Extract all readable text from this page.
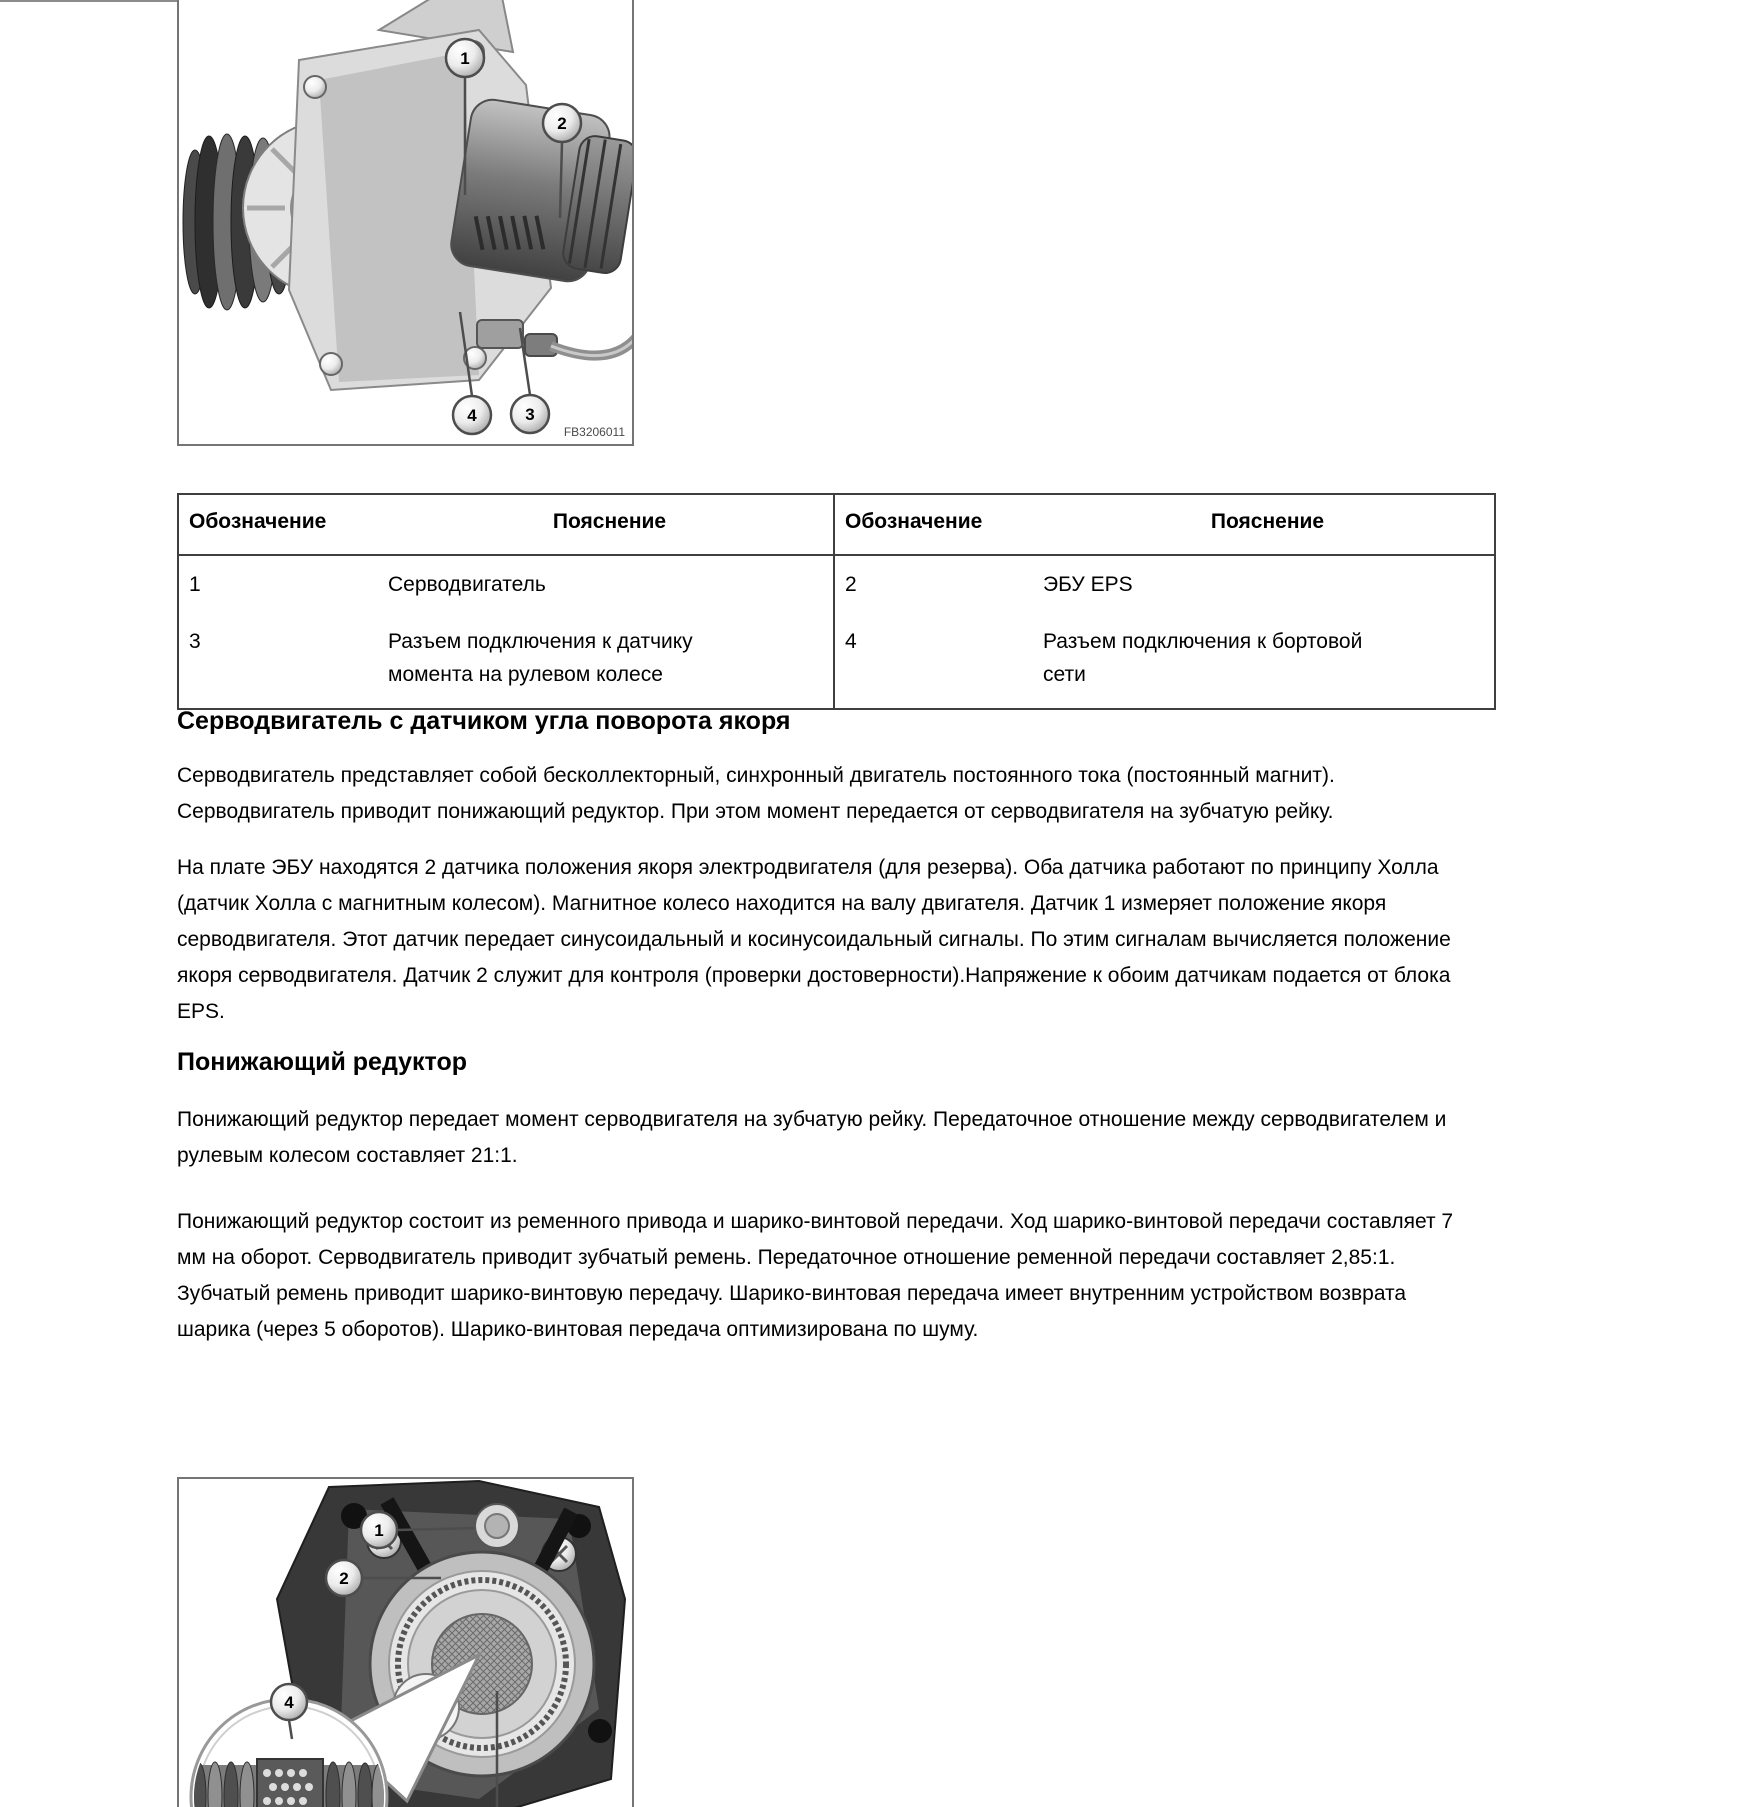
1
2
3
4
FB3206011
Обозначение	Пояснение	Обозначение	Пояснение
1	Серводвигатель	2	ЭБУ EPS
3	Разъем подключения к датчику момента на рулевом колесе	4	Разъем подключения к бортовой сети
Серводвигатель с датчиком угла поворота якоря

Серводвигатель представляет собой бесколлекторный, синхронный двигатель постоянного тока (постоянный магнит). Серводвигатель приводит понижающий редуктор. При этом момент передается от серводвигателя на зубчатую рейку.

На плате ЭБУ находятся 2 датчика положения якоря электродвигателя (для резерва). Оба датчика работают по принципу Холла (датчик Холла с магнитным колесом). Магнитное колесо находится на валу двигателя. Датчик 1 измеряет положение якоря серводвигателя. Этот датчик передает синусоидальный и косинусоидальный сигналы. По этим сигналам вычисляется положение якоря серводвигателя. Датчик 2 служит для контроля (проверки достоверности).Напряжение к обоим датчикам подается от блока EPS.

Понижающий редуктор

Понижающий редуктор передает момент серводвигателя на зубчатую рейку. Передаточное отношение между серводвигателем и рулевым колесом составляет 21:1.

Понижающий редуктор состоит из ременного привода и шарико-винтовой передачи. Ход шарико-винтовой передачи составляет 7 мм на оборот. Серводвигатель приводит зубчатый ремень. Передаточное отношение ременной передачи составляет 2,85:1. Зубчатый ремень приводит шарико-винтовую передачу. Шарико-винтовая передача имеет внутренним устройством возврата шарика (через 5 оборотов). Шарико-винтовая передача оптимизирована по шуму.

1
2
4
